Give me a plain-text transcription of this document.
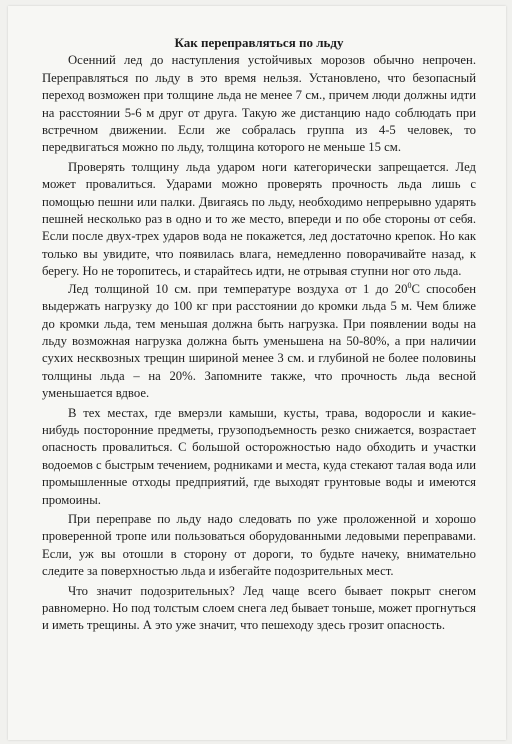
Как переправляться по льду

Осенний лед до наступления устойчивых морозов обычно непрочен. Переправляться по льду в это время нельзя. Установлено, что безопасный переход возможен при толщине льда не менее 7 см., причем люди должны идти на расстоянии 5-6 м друг от друга. Такую же дистанцию надо соблюдать при встречном движении. Если же собралась группа из 4-5 человек, то передвигаться можно по льду, толщина которого не меньше 15 см.

Проверять толщину льда ударом ноги категорически запрещается. Лед может провалиться. Ударами можно проверять прочность льда лишь с помощью пешни или палки. Двигаясь по льду, необходимо непрерывно ударять пешней несколько раз в одно и то же место, впереди и по обе стороны от себя. Если после двух-трех ударов вода не покажется, лед достаточно крепок. Но как только вы увидите, что появилась влага, немедленно поворачивайте назад, к берегу. Но не торопитесь, и старайтесь идти, не отрывая ступни ног ото льда.

Лед толщиной 10 см. при температуре воздуха от 1 до $20^0С$ способен выдержать нагрузку до 100 кг при расстоянии до кромки льда 5 м. Чем ближе до кромки льда, тем меньшая должна быть нагрузка. При появлении воды на льду возможная нагрузка должна быть уменьшена на 50-80%, а при наличии сухих несквозных трещин шириной менее 3 см. и глубиной не более половины толщины льда – на 20%. Запомните также, что прочность льда весной уменьшается вдвое.

В тех местах, где вмерзли камыши, кусты, трава, водоросли и какие-нибудь посторонние предметы, грузоподъемность резко снижается, возрастает опасность провалиться. С большой осторожностью надо обходить и участки водоемов с быстрым течением, родниками и места, куда стекают талая вода или промышленные отходы предприятий, где выходят грунтовые воды и имеются промоины.

При переправе по льду надо следовать по уже проложенной и хорошо проверенной тропе или пользоваться оборудованными ледовыми переправами. Если, уж вы отошли в сторону от дороги, то будьте начеку, внимательно следите за поверхностью льда и избегайте подозрительных мест.

Что значит подозрительных? Лед чаще всего бывает покрыт снегом равномерно. Но под толстым слоем снега лед бывает тоньше, может прогнуться и иметь трещины. А это уже значит, что пешеходу здесь грозит опасность.
